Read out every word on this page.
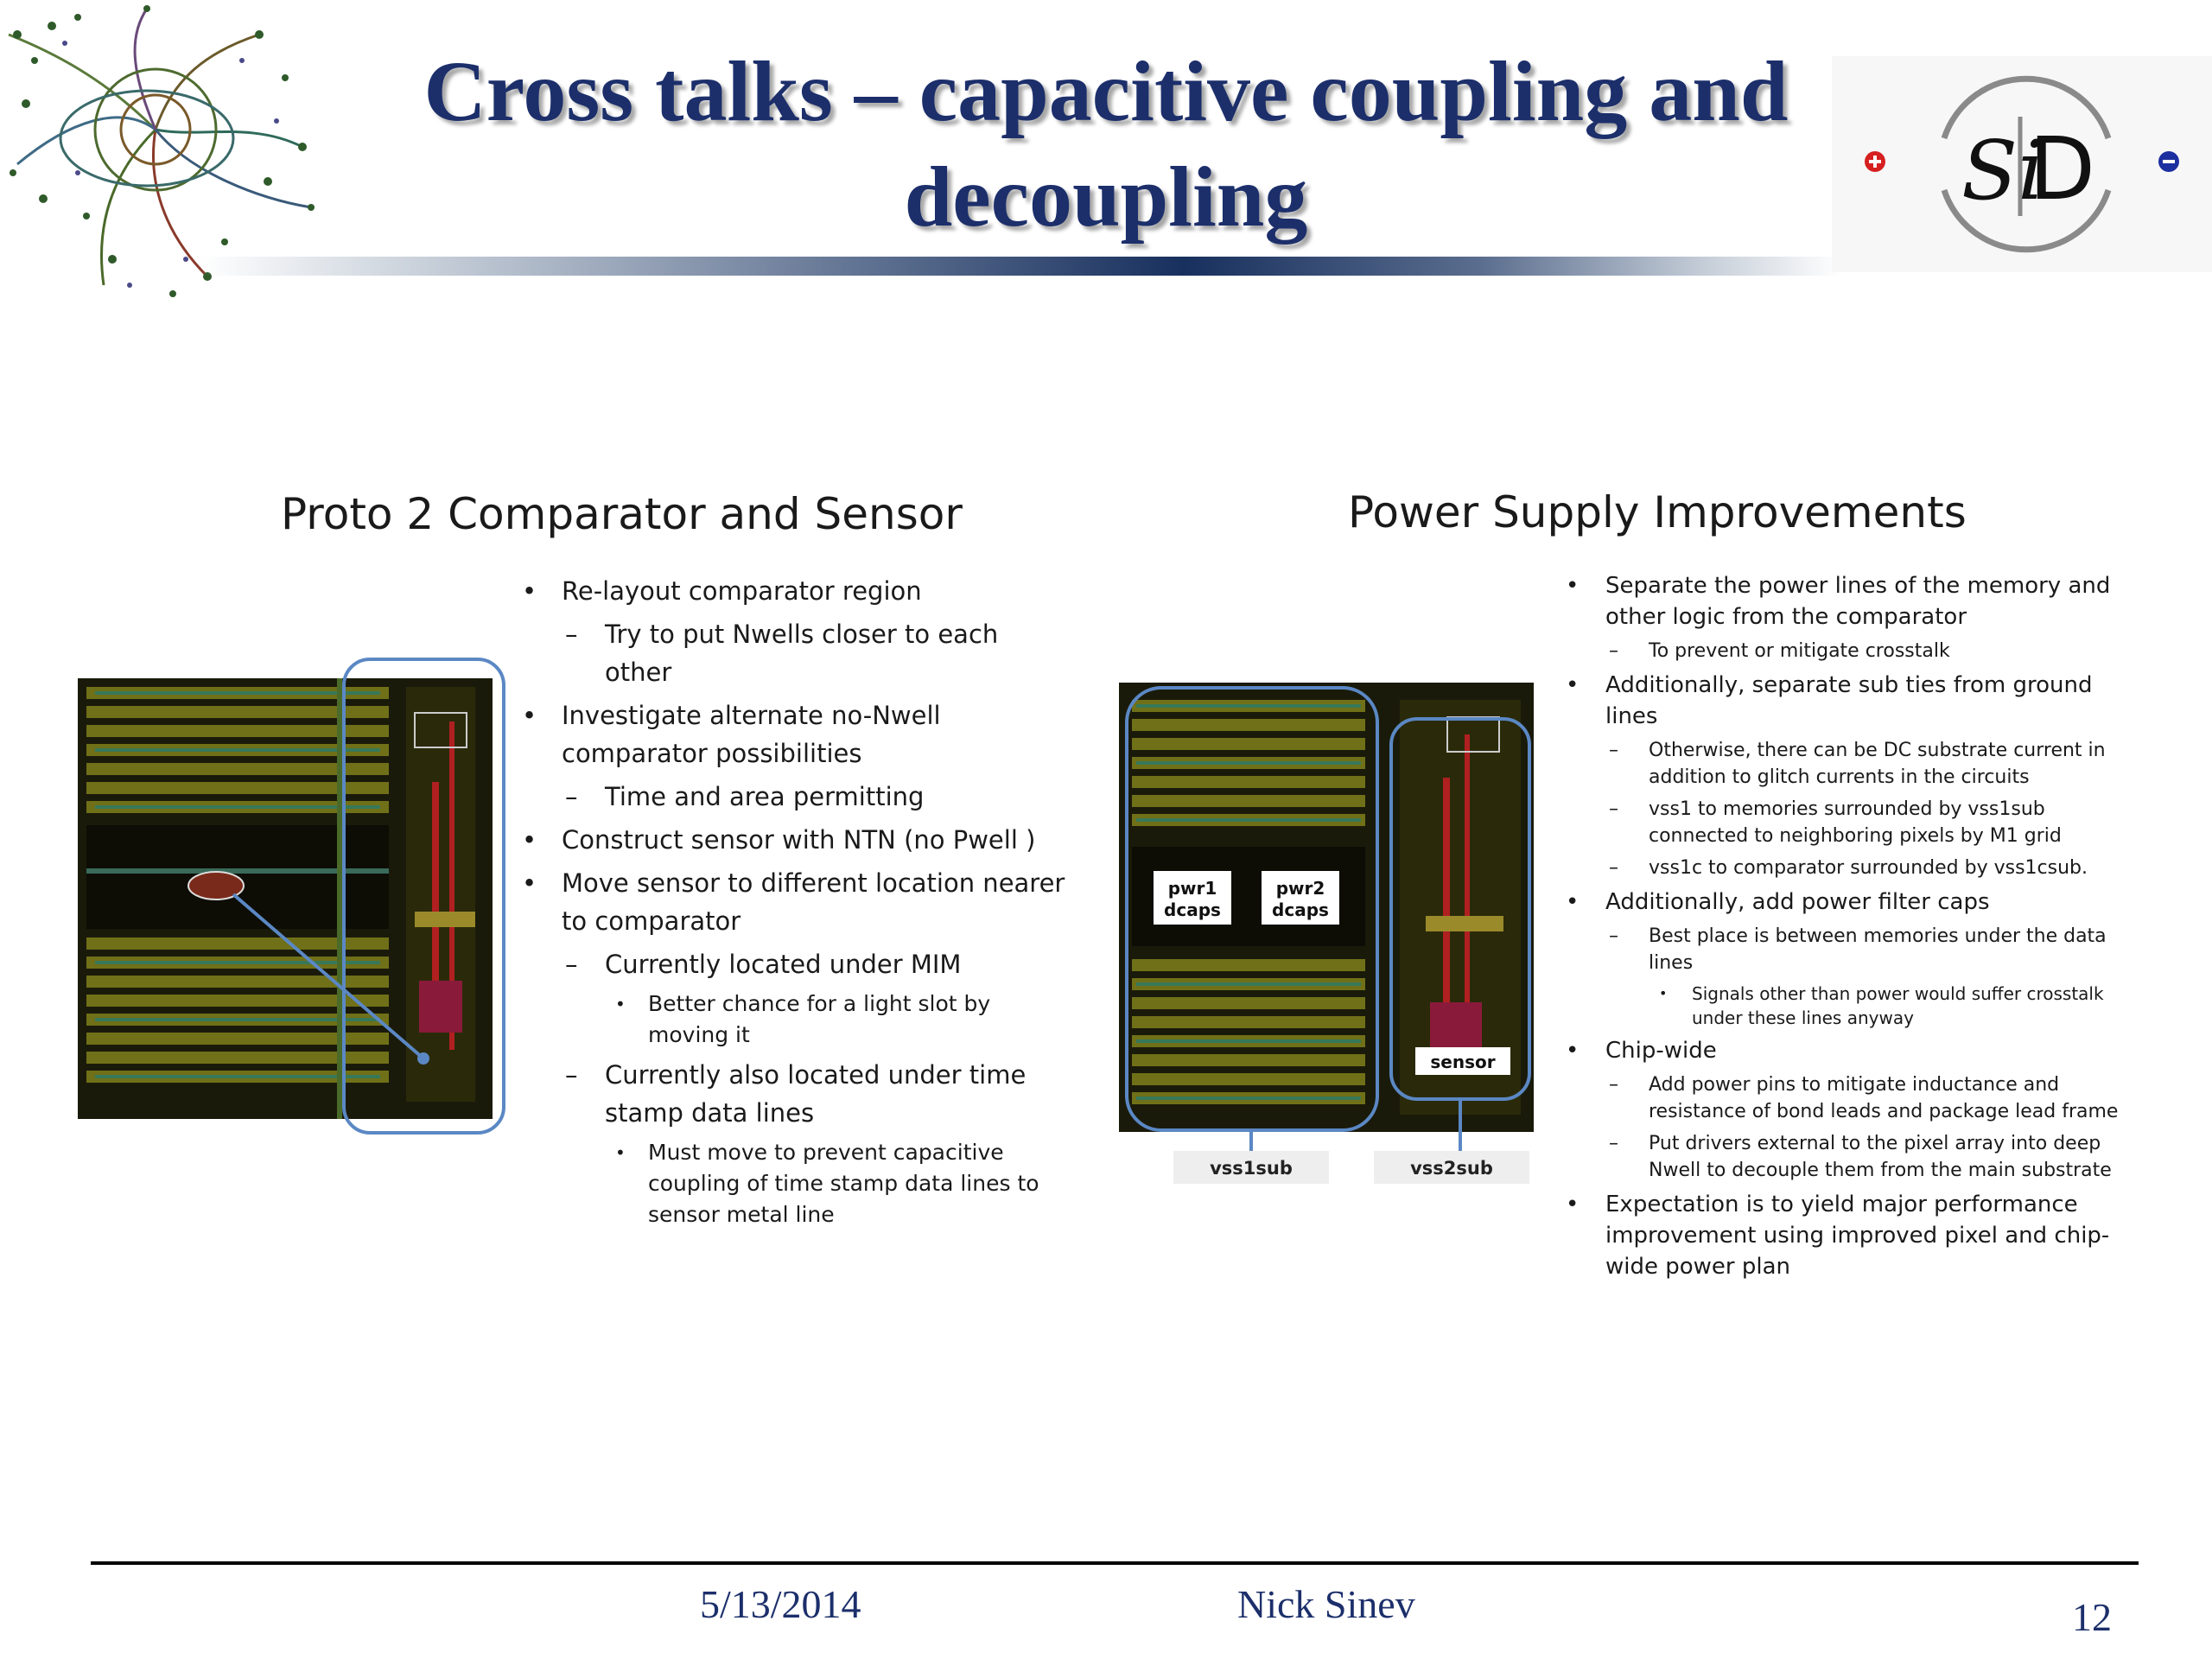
Cross talks – capacitive coupling and
decoupling	Si
D
Proto 2 Comparator and Sensor
• Re-layout comparator region
– Try to put Nwells closer to each other
• Investigate alternate no-Nwell comparator possibilities
– Time and area permitting
• Construct sensor with NTN (no Pwell )
• Move sensor to different location nearer to comparator
– Currently located under MIM
• Better chance for a light slot by moving it
– Currently also located under time stamp data lines
• Must move to prevent capacitive coupling of time stamp data lines to sensor metal line
Power Supply Improvements
pwr1
dcaps
pwr2
dcaps
sensor
vss1sub	vss2sub
• Separate the power lines of the memory and other logic from the comparator
– To prevent or mitigate crosstalk
• Additionally, separate sub ties from ground lines
– Otherwise, there can be DC substrate current in addition to glitch currents in the circuits
– vss1 to memories surrounded by vss1sub connected to neighboring pixels by M1 grid
– vss1c to comparator surrounded by vss1csub.
• Additionally, add power filter caps
– Best place is between memories under the data lines
• Signals other than power would suffer crosstalk under these lines anyway
• Chip-wide
– Add power pins to mitigate inductance and resistance of bond leads and package lead frame
– Put drivers external to the pixel array into deep Nwell to decouple them from the main substrate
• Expectation is to yield major performance improvement using improved pixel and chip-wide power plan
5/13/2014	Nick Sinev	12
